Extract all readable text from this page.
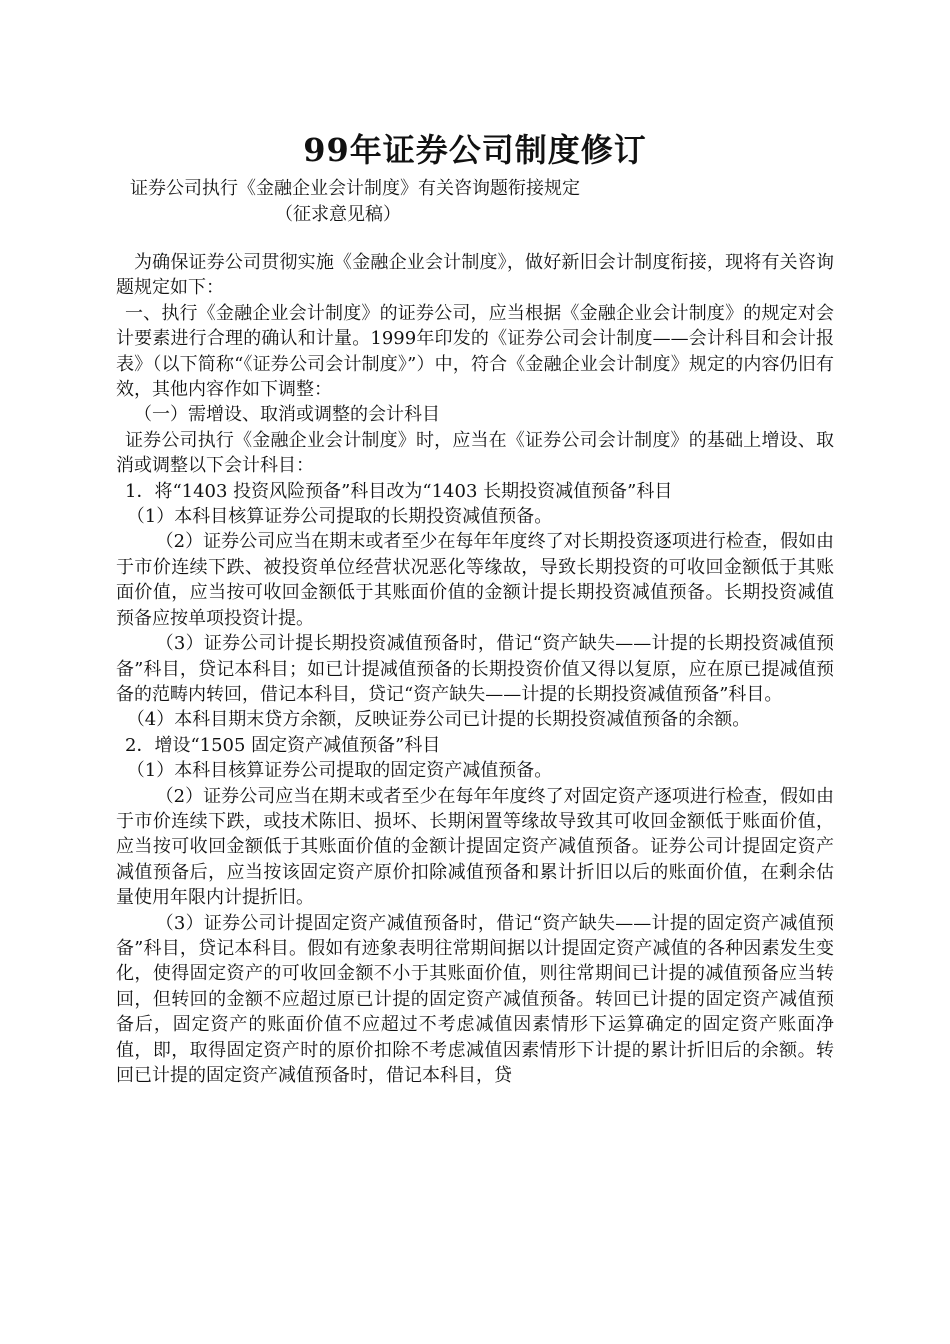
99年证券公司制度修订
证券公司执行《金融企业会计制度》有关咨询题衔接规定
（征求意见稿）

为确保证券公司贯彻实施《金融企业会计制度》，做好新旧会计制度衔接，现将有关咨询题规定如下：

一、执行《金融企业会计制度》的证券公司，应当根据《金融企业会计制度》的规定对会计要素进行合理的确认和计量。1999年印发的《证券公司会计制度——会计科目和会计报表》（以下简称“《证券公司会计制度》”）中，符合《金融企业会计制度》规定的内容仍旧有效，其他内容作如下调整：

（一）需增设、取消或调整的会计科目

证券公司执行《金融企业会计制度》时，应当在《证券公司会计制度》的基础上增设、取消或调整以下会计科目：

1．将“1403 投资风险预备”科目改为“1403 长期投资减值预备”科目

（1）本科目核算证券公司提取的长期投资减值预备。

（2）证券公司应当在期末或者至少在每年年度终了对长期投资逐项进行检查，假如由于市价连续下跌、被投资单位经营状况恶化等缘故，导致长期投资的可收回金额低于其账面价值，应当按可收回金额低于其账面价值的金额计提长期投资减值预备。长期投资减值预备应按单项投资计提。

（3）证券公司计提长期投资减值预备时，借记“资产缺失——计提的长期投资减值预备”科目，贷记本科目；如已计提减值预备的长期投资价值又得以复原，应在原已提减值预备的范畴内转回，借记本科目，贷记“资产缺失——计提的长期投资减值预备”科目。

（4）本科目期末贷方余额，反映证券公司已计提的长期投资减值预备的余额。

2．增设“1505 固定资产减值预备”科目

（1）本科目核算证券公司提取的固定资产减值预备。

（2）证券公司应当在期末或者至少在每年年度终了对固定资产逐项进行检查，假如由于市价连续下跌，或技术陈旧、损坏、长期闲置等缘故导致其可收回金额低于账面价值，应当按可收回金额低于其账面价值的金额计提固定资产减值预备。证券公司计提固定资产减值预备后，应当按该固定资产原价扣除减值预备和累计折旧以后的账面价值，在剩余估量使用年限内计提折旧。

（3）证券公司计提固定资产减值预备时，借记“资产缺失——计提的固定资产减值预备”科目，贷记本科目。假如有迹象表明往常期间据以计提固定资产减值的各种因素发生变化，使得固定资产的可收回金额不小于其账面价值，则往常期间已计提的减值预备应当转回，但转回的金额不应超过原已计提的固定资产减值预备。转回已计提的固定资产减值预备后，固定资产的账面价值不应超过不考虑减值因素情形下运算确定的固定资产账面净值，即，取得固定资产时的原价扣除不考虑减值因素情形下计提的累计折旧后的余额。转回已计提的固定资产减值预备时，借记本科目，贷
